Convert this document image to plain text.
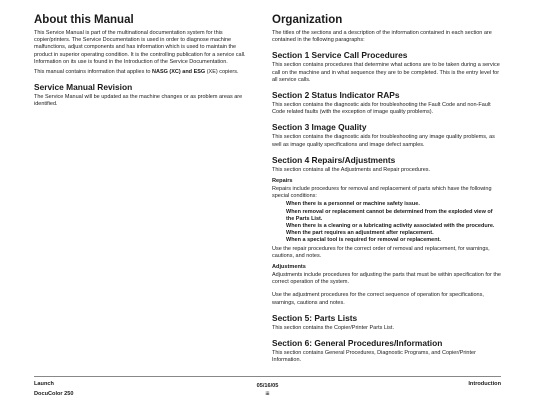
About this Manual

This Service Manual is part of the multinational documentation system for this copier/printers. The Service Documentation is used in order to diagnose machine malfunctions, adjust components and has information which is used to maintain the product in superior operating condition. It is the controlling publication for a service call. Information on its use is found in the Introduction of the Service Documentation.

This manual contains information that applies to NASG (XC) and ESG (XE) copiers.

Service Manual Revision

The Service Manual will be updated as the machine changes or as problem areas are identified.

Organization

The titles of the sections and a description of the information contained in each section are contained in the following paragraphs:

Section 1 Service Call Procedures

This section contains procedures that determine what actions are to be taken during a service call on the machine and in what sequence they are to be completed. This is the entry level for all service calls.

Section 2 Status Indicator RAPs

This section contains the diagnostic aids for troubleshooting the Fault Code and non-Fault Code related faults (with the exception of image quality problems).

Section 3 Image Quality

This section contains the diagnostic aids for troubleshooting any image quality problems, as well as image quality specifications and image defect samples.

Section 4 Repairs/Adjustments

This section contains all the Adjustments and Repair procedures.

Repairs

Repairs include procedures for removal and replacement of parts which have the following special conditions:

When there is a personnel or machine safety issue.
When removal or replacement cannot be determined from the exploded view of the Parts List.
When there is a cleaning or a lubricating activity associated with the procedure.
When the part requires an adjustment after replacement.
When a special tool is required for removal or replacement.

Use the repair procedures for the correct order of removal and replacement, for warnings, cautions, and notes.

Adjustments

Adjustments include procedures for adjusting the parts that must be within specification for the correct operation of the system.

Use the adjustment procedures for the correct sequence of operation for specifications, warnings, cautions and notes.

Section 5: Parts Lists

This section contains the Copier/Printer Parts List.

Section 6: General Procedures/Information

This section contains General Procedures, Diagnostic Programs, and Copier/Printer Information.

Launch
DocuColor 250
05/16/05
iii
Introduction
